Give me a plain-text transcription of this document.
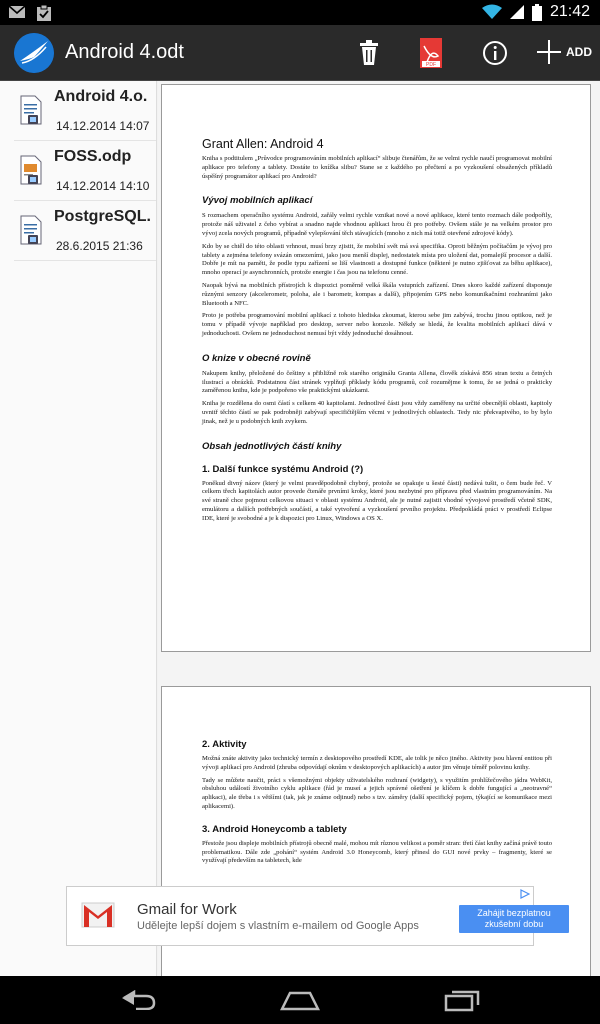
21:42
Android 4.odt
PDF
ADD
Android 4.o.
14.12.2014 14:07
FOSS.odp
14.12.2014 14:10
PostgreSQL.
28.6.2015 21:36
Grant Allen: Android 4

Kniha s podtitulem „Průvodce programováním mobilních aplikací“ slibuje čtenářům, že se velmi rychle naučí programovat mobilní aplikace pro telefony a tablety. Dostáte to knížka slibu? Stane se z každého po přečtení a po vyzkoušení obsažených příkladů úspěšný programátor aplikací pro Android?

Vývoj mobilních aplikací

S rozmachem operačního systému Android, zařály velmi rychle vznikat nové a nové aplikace, které tento rozmach dále podpořily, protože náš uživatel z čeho vybírat a snadno najde vhodnou aplikaci hrou či pro potřeby. Ovšem stále je na velkém prostor pro vývoj zcela nových programů, případně vylepšování těch stávajících (mnoho z nich má totiž otevřené zdrojové kódy).

Kdo by se chtěl do této oblasti vrhnout, musí brzy zjistit, že mobilní svět má svá specifika. Oproti běžným počítačům je vývoj pro tablety a zejména telefony svázán omezeními, jako jsou menší displej, nedostatek místa pro uložení dat, pomalejší procesor a další. Dobře je mít na paměti, že podle typu zařízení se liší vlastnosti a dostupné funkce (některé je nutno zjišťovat za běhu aplikace), mnoho operací je asynchronních, protože energie i čas jsou na telefonu cenné.

Naopak bývá na mobilních přístrojích k dispozici poměrně velká škála vstupních zařízení. Dnes skoro každé zařízení disponuje různými senzory (akcelerometr, poloha, ale i barometr, kompas a další), připojením GPS nebo komunikačními rozhraními jako Bluetooth a NFC.

Proto je potřeba programování mobilní aplikací z tohoto hlediska zkoumat, kterou sebe jim zabývá, trochu jinou optikou, než je tomu v případě vývoje například pro desktop, server nebo konzole. Někdy se hledá, že kvalita mobilních aplikací dává v jednoduchosti. Ovšem ne jednoduchost nemusí být vždy jednoduché dosáhnout.

O knize v obecné rovině

Nakupem knihy, přeložené do češtiny s přibližně rok starého originálu Granta Allena, člověk získává 856 stran textu a četných ilustrací a obrázků. Podstatnou část stránek vyplňují příklady kódu programů, což rozumějme k tomu, že se jedná o prakticky zaměřenou knihu, kde je podpořeno vše praktickými ukázkami.

Kniha je rozdělena do osmi částí s celkem 40 kapitolami. Jednotlivé části jsou vždy zaměřeny na určité obecnější oblasti, kapitoly uvnitř těchto částí se pak podrobněji zabývají specifičtějším věcmi v jednotlivých oblastech. Tedy nic překvapivého, to by bylo jinak, než je u podobných knih zvykem.

Obsah jednotlivých částí knihy
1. Další funkce systému Android (?)

Poněkud divný název (který je velmi pravděpodobně chybný, protože se opakuje u šesté části) nedává tušit, o čem bude řeč. V celkem třech kapitolách autor provede čtenáře prvními kroky, které jsou nezbytné pro přípravu před vlastním programováním. Na své straně chce pojmout celkovou situaci v oblasti systému Android, ale je nutné zajistit vhodné vývojové prostředí včetně SDK, emulátoru a dalších potřebných součástí, a také vytvoření a vyzkoušení prvního projektu. Předpokládá práci v prostředí Eclipse IDE, které je svobodné a je k dispozici pro Linux, Windows a OS X.

2. Aktivity

Možná znáte aktivity jako technický termín z desktopového prostředí KDE, ale tolik je něco jiného. Aktivity jsou hlavní entitou při vývoji aplikací pro Android (zhruba odpovídají oknům v desktopových aplikacích) a autor jim věnuje téměř polovinu knihy.

Tady se můžete naučit, práci s všemožnými objekty uživatelského rozhraní (widgety), s využitím prohlížečového jádra WebKit, obsluhou událostí životního cyklu aplikace (řád je museí a jejich správné ošetření je klíčem k dobře fungující a „neotravné“ aplikaci), ale třeba i s většími (tak, jak je známe odjinud) nebo s tzv. záměry (další specifický pojem, týkající se komunikace mezi aplikacemi).

3. Android Honeycomb a tablety

Přestože jsou displeje mobilních přístrojů obecně malé, mohou mít různou velikost a poměr stran: třetí část knihy začíná právě touto problematikou. Dále zde „pohání“ systém Android 3.0 Honeycomb, který přinesl do GUI nové prvky – fragmenty, které se využívají především na tabletech, kde

Gmail for Work
Udělejte lepší dojem s vlastním e-mailem od Google Apps
Zahájit bezplatnou zkušební dobu
